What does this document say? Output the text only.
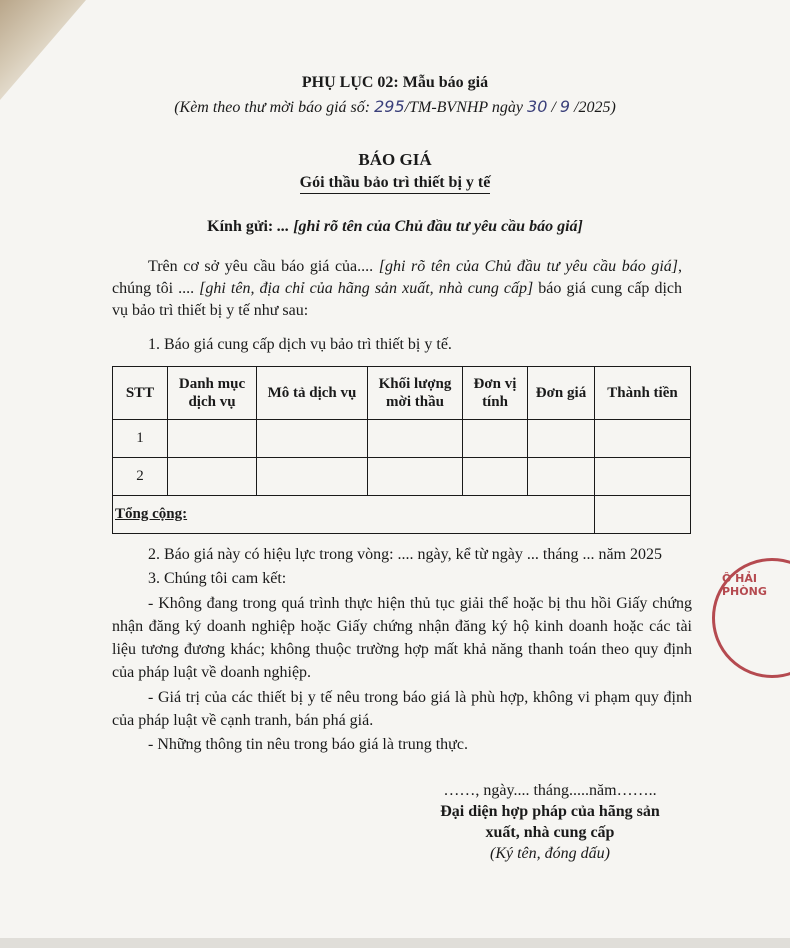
PHỤ LỤC 02: Mẫu báo giá
(Kèm theo thư mời báo giá số: 295/TM-BVNHP ngày 30 / 9 /2025)
BÁO GIÁ
Gói thầu bảo trì thiết bị y tế
Kính gửi: ... [ghi rõ tên của Chủ đầu tư yêu cầu báo giá]
Trên cơ sở yêu cầu báo giá của.... [ghi rõ tên của Chủ đầu tư yêu cầu báo giá], chúng tôi .... [ghi tên, địa chỉ của hãng sản xuất, nhà cung cấp] báo giá cung cấp dịch vụ bảo trì thiết bị y tế như sau:
1. Báo giá cung cấp dịch vụ bảo trì thiết bị y tế.
STT	Danh mục dịch vụ	Mô tả dịch vụ	Khối lượng mời thầu	Đơn vị tính	Đơn giá	Thành tiền
1						
2						
Tổng cộng:						
2. Báo giá này có hiệu lực trong vòng: .... ngày, kể từ ngày ... tháng ... năm 2025
3. Chúng tôi cam kết:
- Không đang trong quá trình thực hiện thủ tục giải thể hoặc bị thu hồi Giấy chứng nhận đăng ký doanh nghiệp hoặc Giấy chứng nhận đăng ký hộ kinh doanh hoặc các tài liệu tương đương khác; không thuộc trường hợp mất khả năng thanh toán theo quy định của pháp luật về doanh nghiệp.
- Giá trị của các thiết bị y tế nêu trong báo giá là phù hợp, không vi phạm quy định của pháp luật về cạnh tranh, bán phá giá.
- Những thông tin nêu trong báo giá là trung thực.
……, ngày.... tháng.....năm……..
Đại diện hợp pháp của hãng sản
xuất, nhà cung cấp
(Ký tên, đóng dấu)
Ô HẢI PHÒNG
